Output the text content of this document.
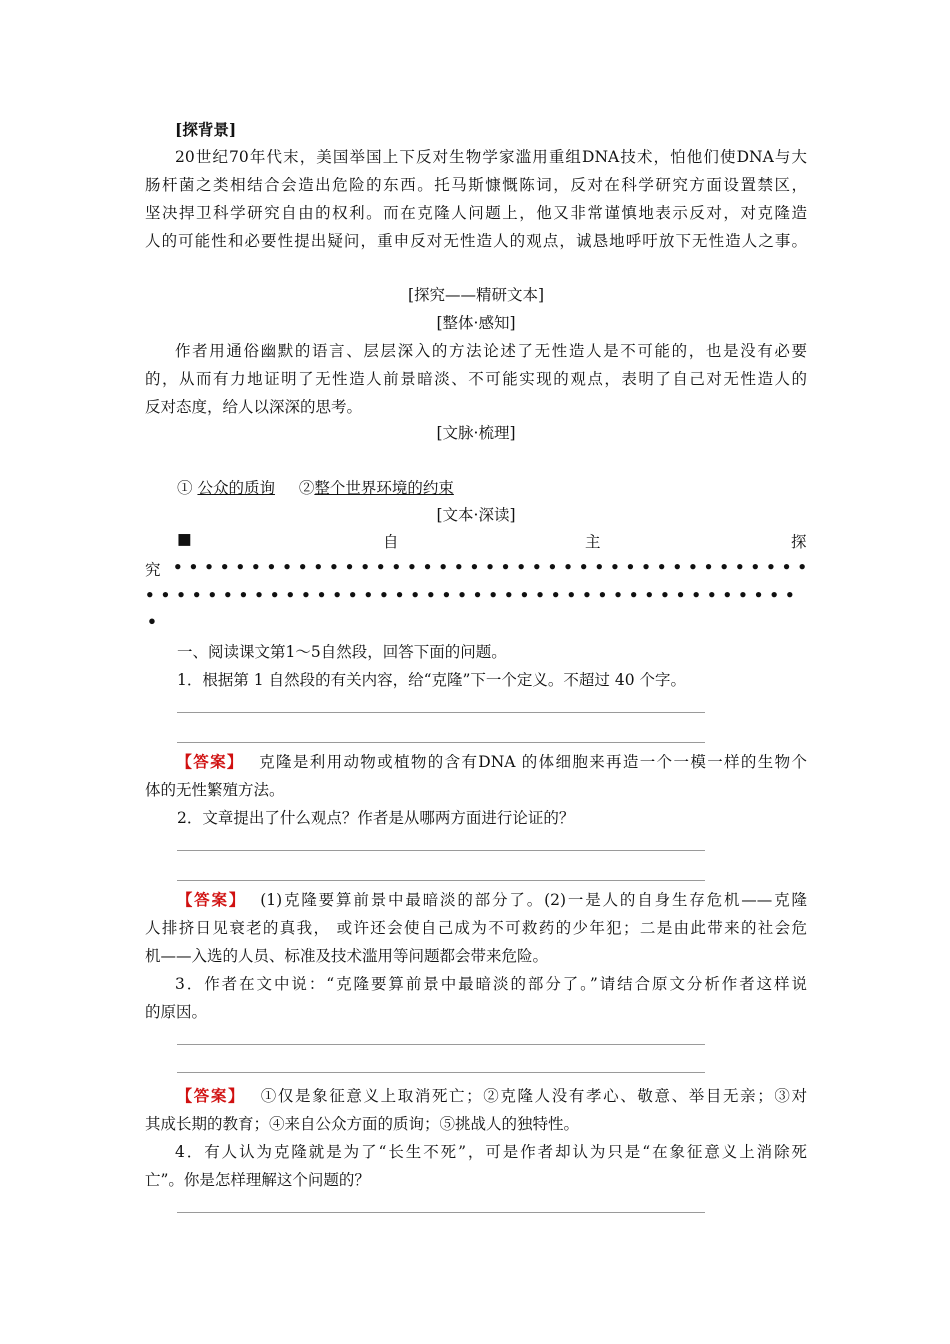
[探背景]
20世纪70年代末，美国举国上下反对生物学家滥用重组DNA技术，怕他们使DNA与大
肠杆菌之类相结合会造出危险的东西。托马斯慷慨陈词，反对在科学研究方面设置禁区，
坚决捍卫科学研究自由的权利。而在克隆人问题上，他又非常谨慎地表示反对，对克隆造
人的可能性和必要性提出疑问，重申反对无性造人的观点，诚恳地呼吁放下无性造人之事。
[探究——精研文本]
[整体·感知]
作者用通俗幽默的语言、层层深入的方法论述了无性造人是不可能的，也是没有必要
的，从而有力地证明了无性造人前景暗淡、不可能实现的观点，表明了自己对无性造人的
反对态度，给人以深深的思考。
[文脉·梳理]
① 公众的质询 ②整个世界环境的约束
[文本·深读]
■	自	主	探
究 • • • • • • • • • • • • • • • • • • • • • • • • • • • • • • • • • • • • • • • • •
• • • • • • • • • • • • • • • • • • • • • • • • • • • • • • • • • • • • • • • • • •
•
一、阅读课文第1～5自然段，回答下面的问题。
1．根据第 1 自然段的有关内容，给“克隆”下一个定义。不超过 40 个字。
【答案】 克隆是利用动物或植物的含有DNA 的体细胞来再造一个一模一样的生物个
体的无性繁殖方法。
2．文章提出了什么观点？作者是从哪两方面进行论证的？
【答案】 (1)克隆要算前景中最暗淡的部分了。(2)一是人的自身生存危机——克隆
人排挤日见衰老的真我， 或许还会使自己成为不可救药的少年犯；二是由此带来的社会危
机——入选的人员、标准及技术滥用等问题都会带来危险。
3．作者在文中说：“克隆要算前景中最暗淡的部分了。”请结合原文分析作者这样说
的原因。
【答案】 ①仅是象征意义上取消死亡；②克隆人没有孝心、敬意、举目无亲；③对
其成长期的教育；④来自公众方面的质询；⑤挑战人的独特性。
4．有人认为克隆就是为了“长生不死”，可是作者却认为只是“在象征意义上消除死
亡”。你是怎样理解这个问题的？
